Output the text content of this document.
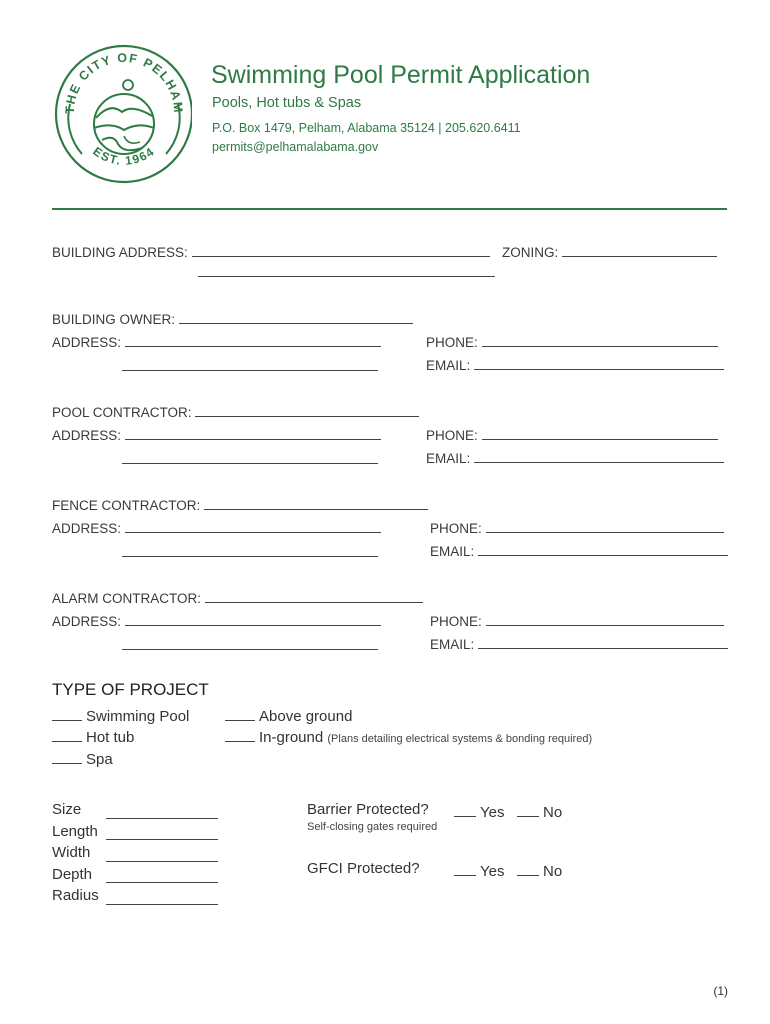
THE CITY OF PELHAM
EST. 1964
Swimming Pool Permit Application
Pools, Hot tubs & Spas
P.O. Box 1479, Pelham, Alabama 35124 | 205.620.6411
permits@pelhamalabama.gov
BUILDING ADDRESS:	ZONING:
BUILDING OWNER:
ADDRESS:	PHONE:
EMAIL:
POOL CONTRACTOR:
ADDRESS:	PHONE:
EMAIL:
FENCE CONTRACTOR:
ADDRESS:	PHONE:
EMAIL:
ALARM CONTRACTOR:
ADDRESS:	PHONE:
EMAIL:
TYPE OF PROJECT
Swimming Pool
Hot tub
Spa
Above ground
In-ground (Plans detailing electrical systems & bonding required)
Size
Length
Width
Depth
Radius
Barrier Protected?	Yes	No
Self-closing gates required
GFCI Protected?	Yes	No
(1)
